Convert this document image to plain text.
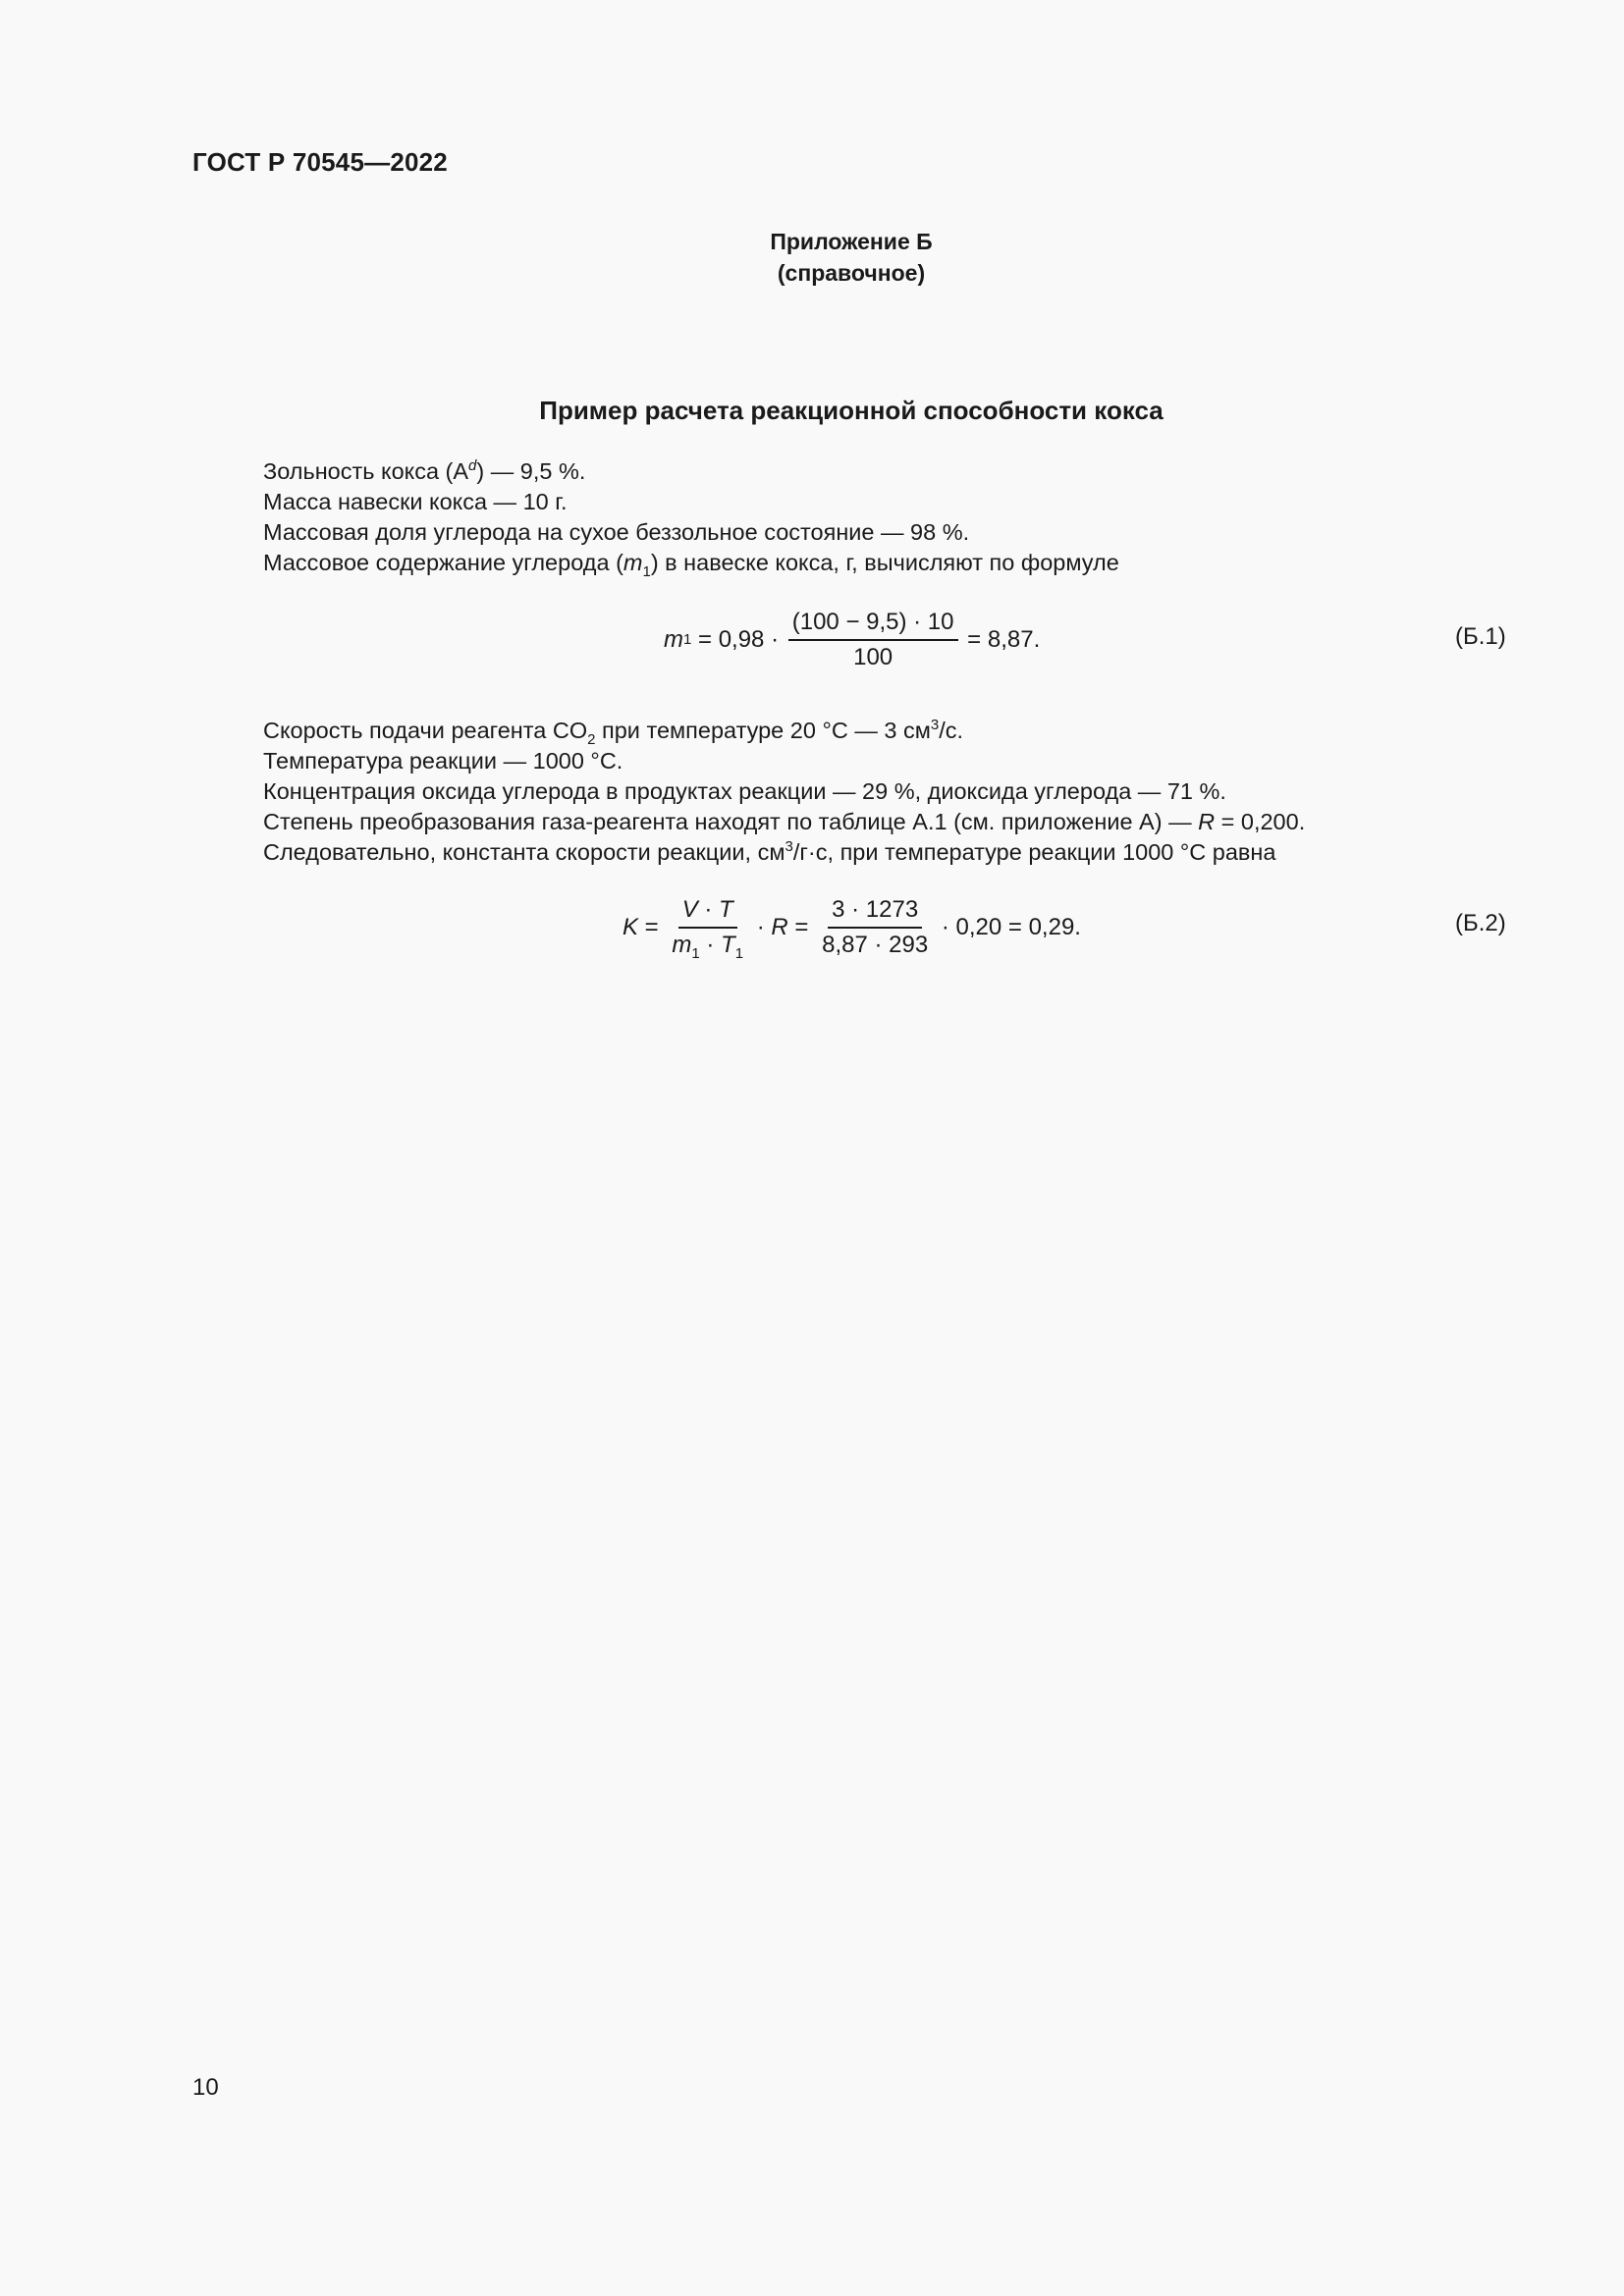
ГОСТ Р 70545—2022
Приложение Б
(справочное)
Пример расчета реакционной способности кокса

Зольность кокса $(А^d)$ — 9,5 %.

Масса навески кокса — 10 г.

Массовая доля углерода на сухое беззольное состояние — 98 %.

Массовое содержание углерода $(m_1)$ в навеске кокса, г, вычисляют по формуле

m $1 = 0,98 \cdot \frac{(100 - 9,5) \cdot 10}{100} = 8,87$.	(Б.1)

Скорость подачи реагента $CO_2$ при температуре 20 °С — 3 $см^3/с$.

Температура реакции — 1000 °С.

Концентрация оксида углерода в продуктах реакции — 29 %, диоксида углерода — 71 %.

Степень преобразования газа-реагента находят по таблице А.1 (см. приложение А) — R = 0,200.

Следовательно, константа скорости реакции, $см^3/г\cdot с$, при температуре реакции 1000 °С равна

$K = \frac{V \cdot T}{m_1 \cdot T_1} \cdot R = \frac{3 \cdot 1273}{8,87 \cdot 293} \cdot 0,20 = 0,29$.	(Б.2)
10
